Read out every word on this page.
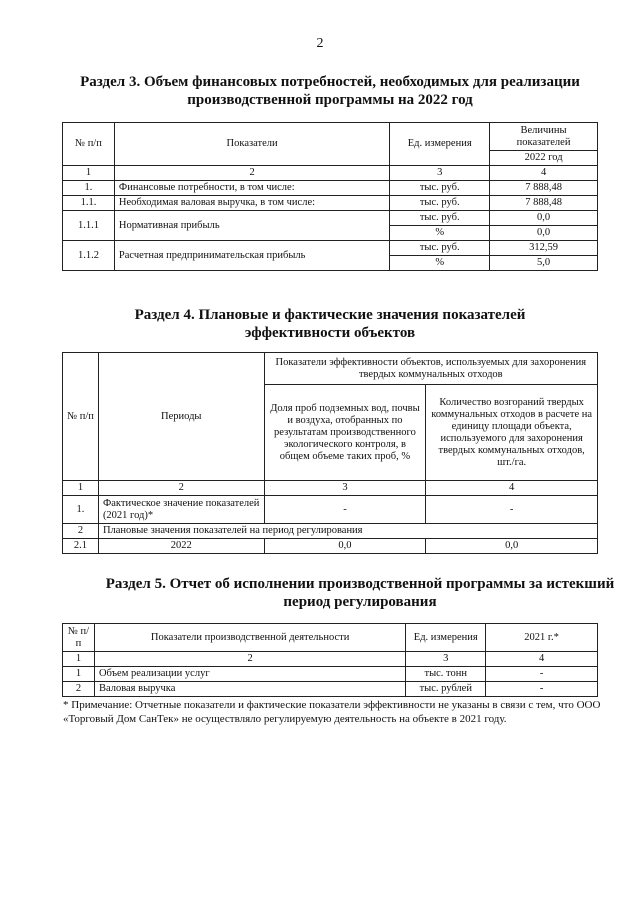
2
Раздел 3. Объем финансовых потребностей, необходимых для реализации
производственной программы на 2022 год
№ п/п	Показатели	Ед. измерения	Величины показателей
			2022 год
1	2	3	4
1.	Финансовые потребности, в том числе:	тыс. руб.	7 888,48
1.1.	Необходимая валовая выручка, в том числе:	тыс. руб.	7 888,48
1.1.1	Нормативная прибыль	тыс. руб.	0,0
		%	0,0
1.1.2	Расчетная предпринимательская прибыль	тыс. руб.	312,59
		%	5,0
Раздел 4. Плановые и фактические значения показателей
эффективности объектов
№ п/п	Периоды	Показатели эффективности объектов, используемых для захоронения твердых коммунальных отходов	
		Доля проб подземных вод, почвы и воздуха, отобранных по результатам производственного экологического контроля, в общем объеме таких проб, %	Количество возгораний твердых коммунальных отходов в расчете на единицу площади объекта, используемого для захоронения твердых коммунальных отходов, шт./га.
1	2	3	4
1.	Фактическое значение показателей (2021 год)*	-	-
2	Плановые значения показателей на период регулирования		
2.1	2022	0,0	0,0
Раздел 5. Отчет об исполнении производственной программы за истекший
период регулирования
№ п/п	Показатели производственной деятельности	Ед. измерения	2021 г.*
1	2	3	4
1	Объем реализации услуг	тыс. тонн	-
2	Валовая выручка	тыс. рублей	-
* Примечание: Отчетные показатели и фактические показатели эффективности не указаны в связи с тем, что ООО «Торговый Дом СанТек» не осуществляло регулируемую деятельность на объекте в 2021 году.
